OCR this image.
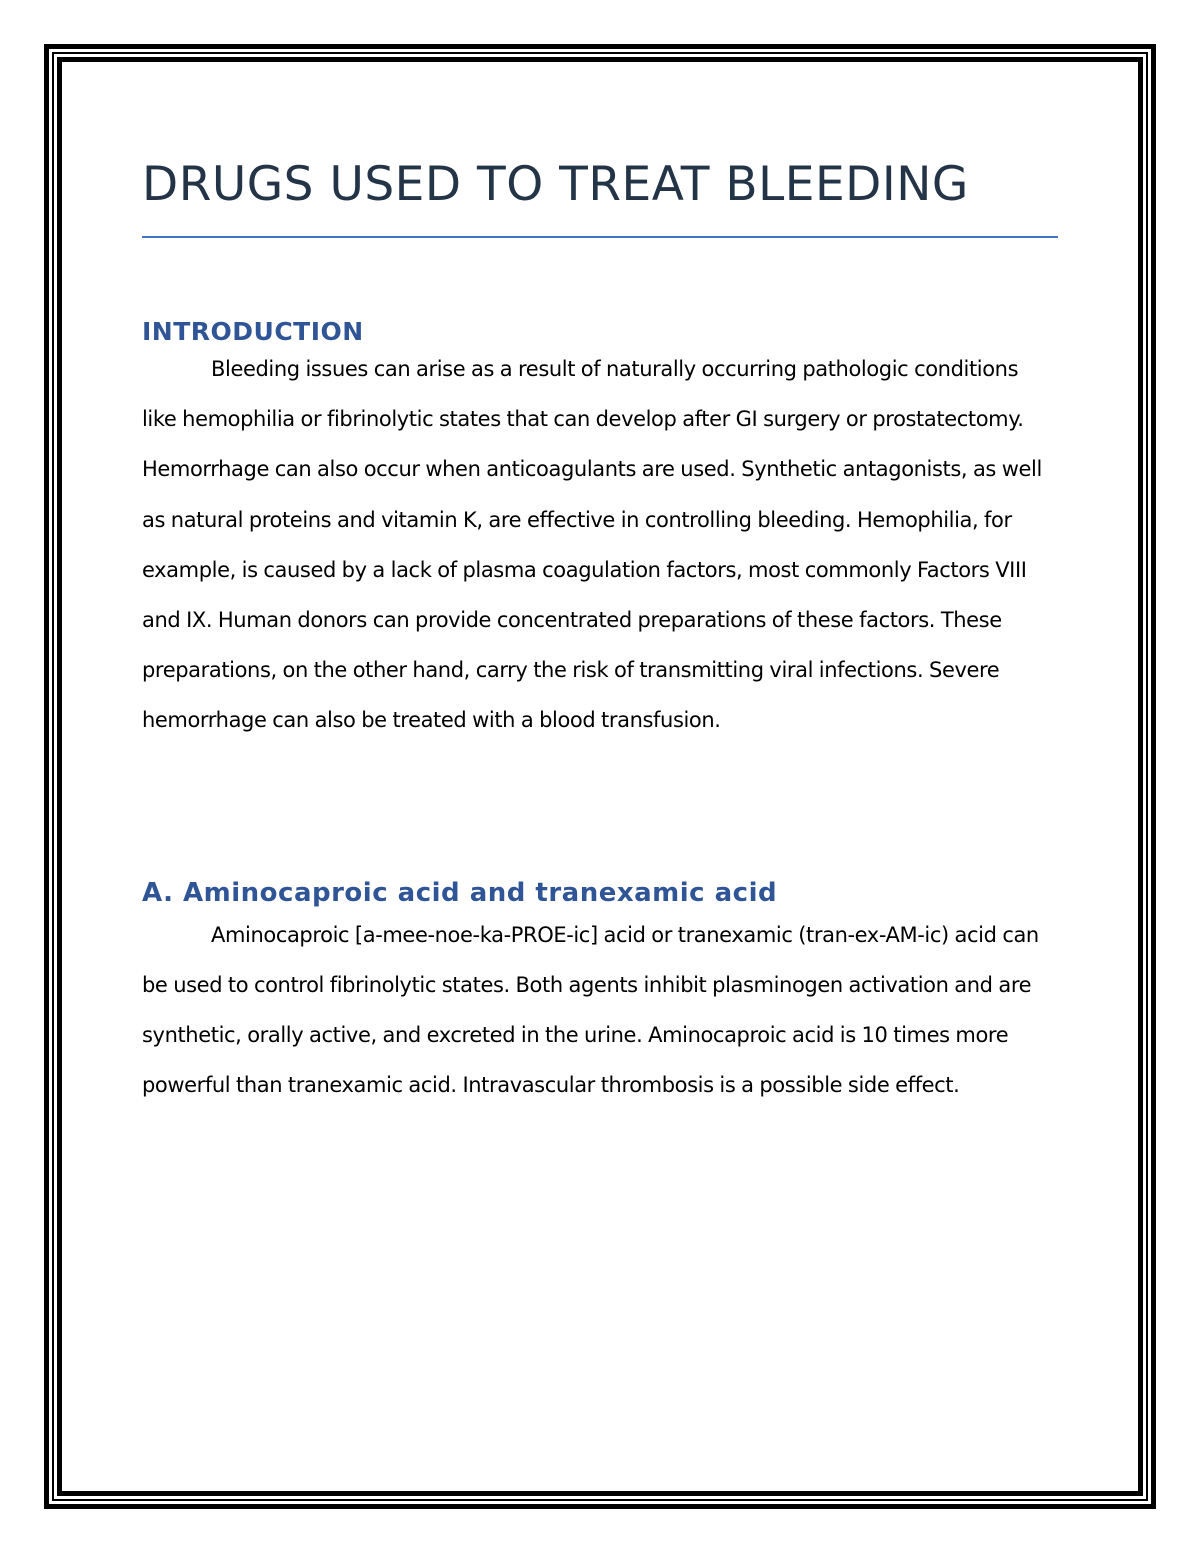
DRUGS USED TO TREAT BLEEDING
INTRODUCTION

Bleeding issues can arise as a result of naturally occurring pathologic conditions like hemophilia or fibrinolytic states that can develop after GI surgery or prostatectomy. Hemorrhage can also occur when anticoagulants are used. Synthetic antagonists, as well as natural proteins and vitamin K, are effective in controlling bleeding. Hemophilia, for example, is caused by a lack of plasma coagulation factors, most commonly Factors VIII and IX. Human donors can provide concentrated preparations of these factors. These preparations, on the other hand, carry the risk of transmitting viral infections. Severe hemorrhage can also be treated with a blood transfusion.

A. Aminocaproic acid and tranexamic acid

Aminocaproic [a-mee-noe-ka-PROE-ic] acid or tranexamic (tran-ex-AM-ic) acid can be used to control fibrinolytic states. Both agents inhibit plasminogen activation and are synthetic, orally active, and excreted in the urine. Aminocaproic acid is 10 times more powerful than tranexamic acid. Intravascular thrombosis is a possible side effect.
